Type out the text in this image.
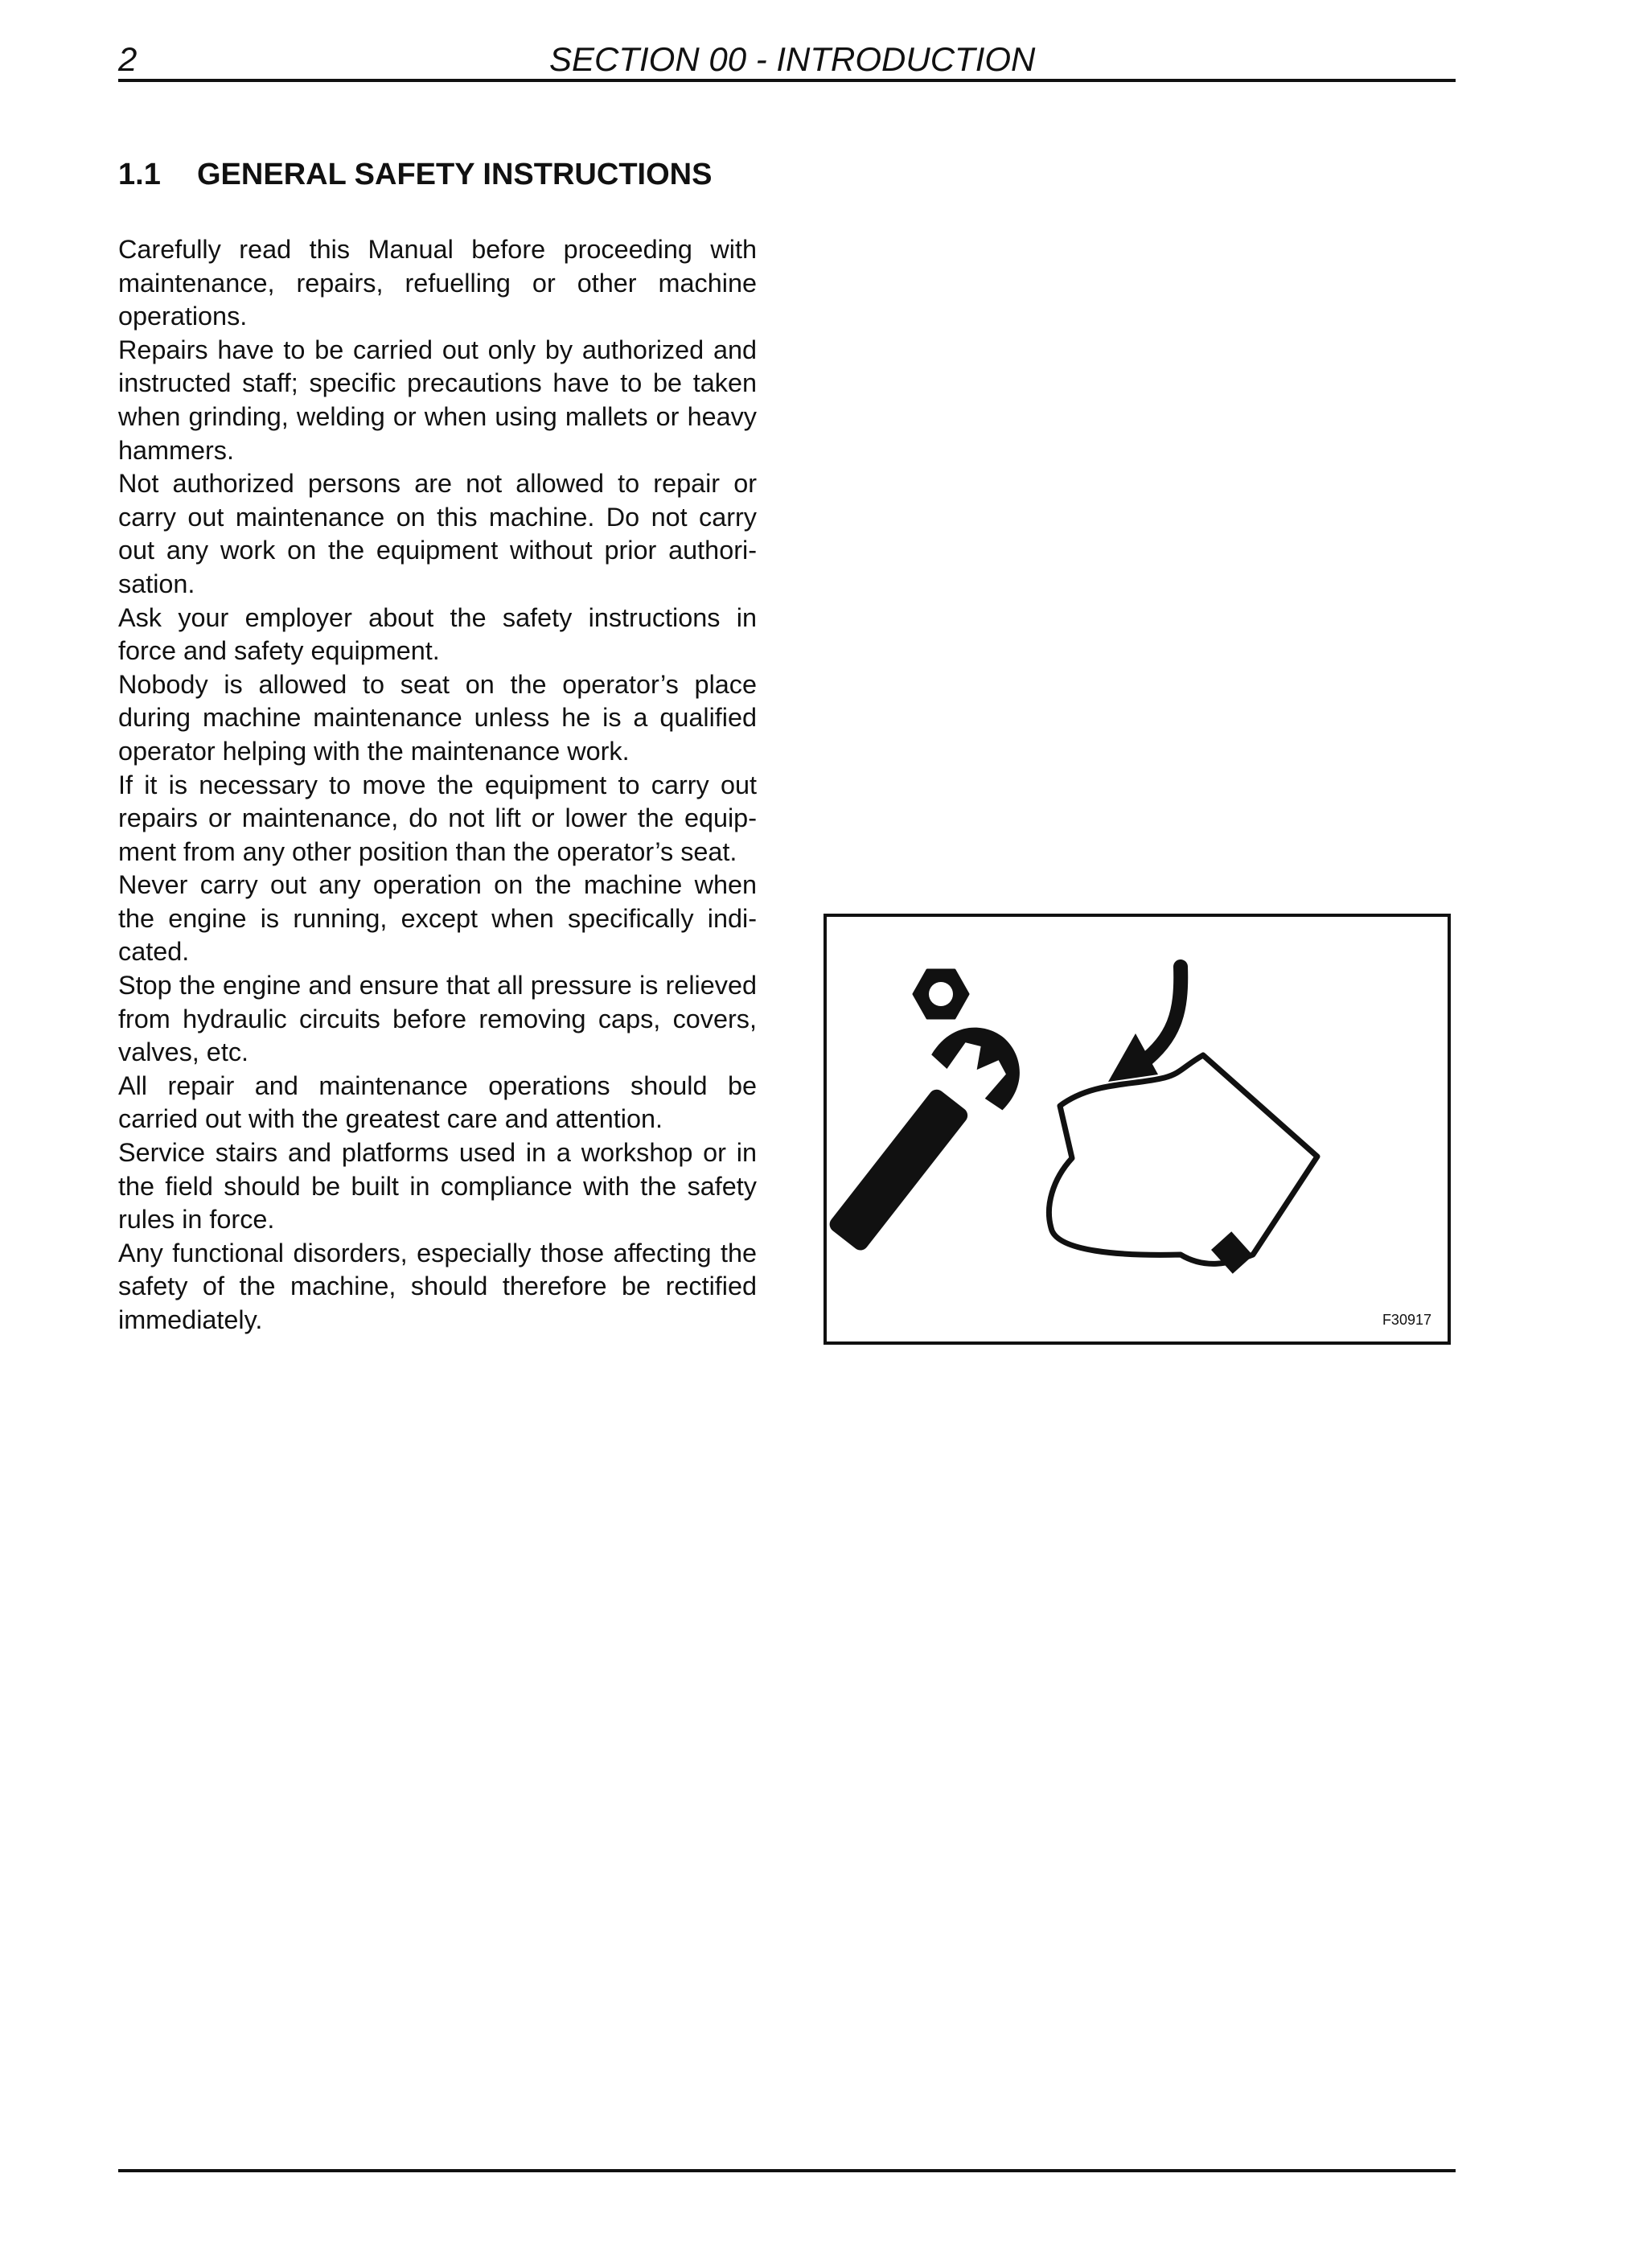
2	SECTION 00 - INTRODUCTION
1.1 GENERAL SAFETY INSTRUCTIONS

Carefully read this Manual before proceeding with maintenance, repairs, refuelling or other machine operations.

Repairs have to be carried out only by authorized and instructed staff; specific precautions have to be taken when grinding, welding or when using mallets or heavy hammers.

Not authorized persons are not allowed to repair or carry out maintenance on this machine. Do not carry out any work on the equipment without prior authorisation.

Ask your employer about the safety instructions in force and safety equipment.

Nobody is allowed to seat on the operator’s place during machine maintenance unless he is a qualified operator helping with the maintenance work.

If it is necessary to move the equipment to carry out repairs or maintenance, do not lift or lower the equipment from any other position than the operator’s seat.

Never carry out any operation on the machine when the engine is running, except when specifically indicated.

Stop the engine and ensure that all pressure is relieved from hydraulic circuits before removing caps, covers, valves, etc.

All repair and maintenance operations should be carried out with the greatest care and attention.

Service stairs and platforms used in a workshop or in the field should be built in compliance with the safety rules in force.

Any functional disorders, especially those affecting the safety of the machine, should therefore be rectified immediately.	F30917
